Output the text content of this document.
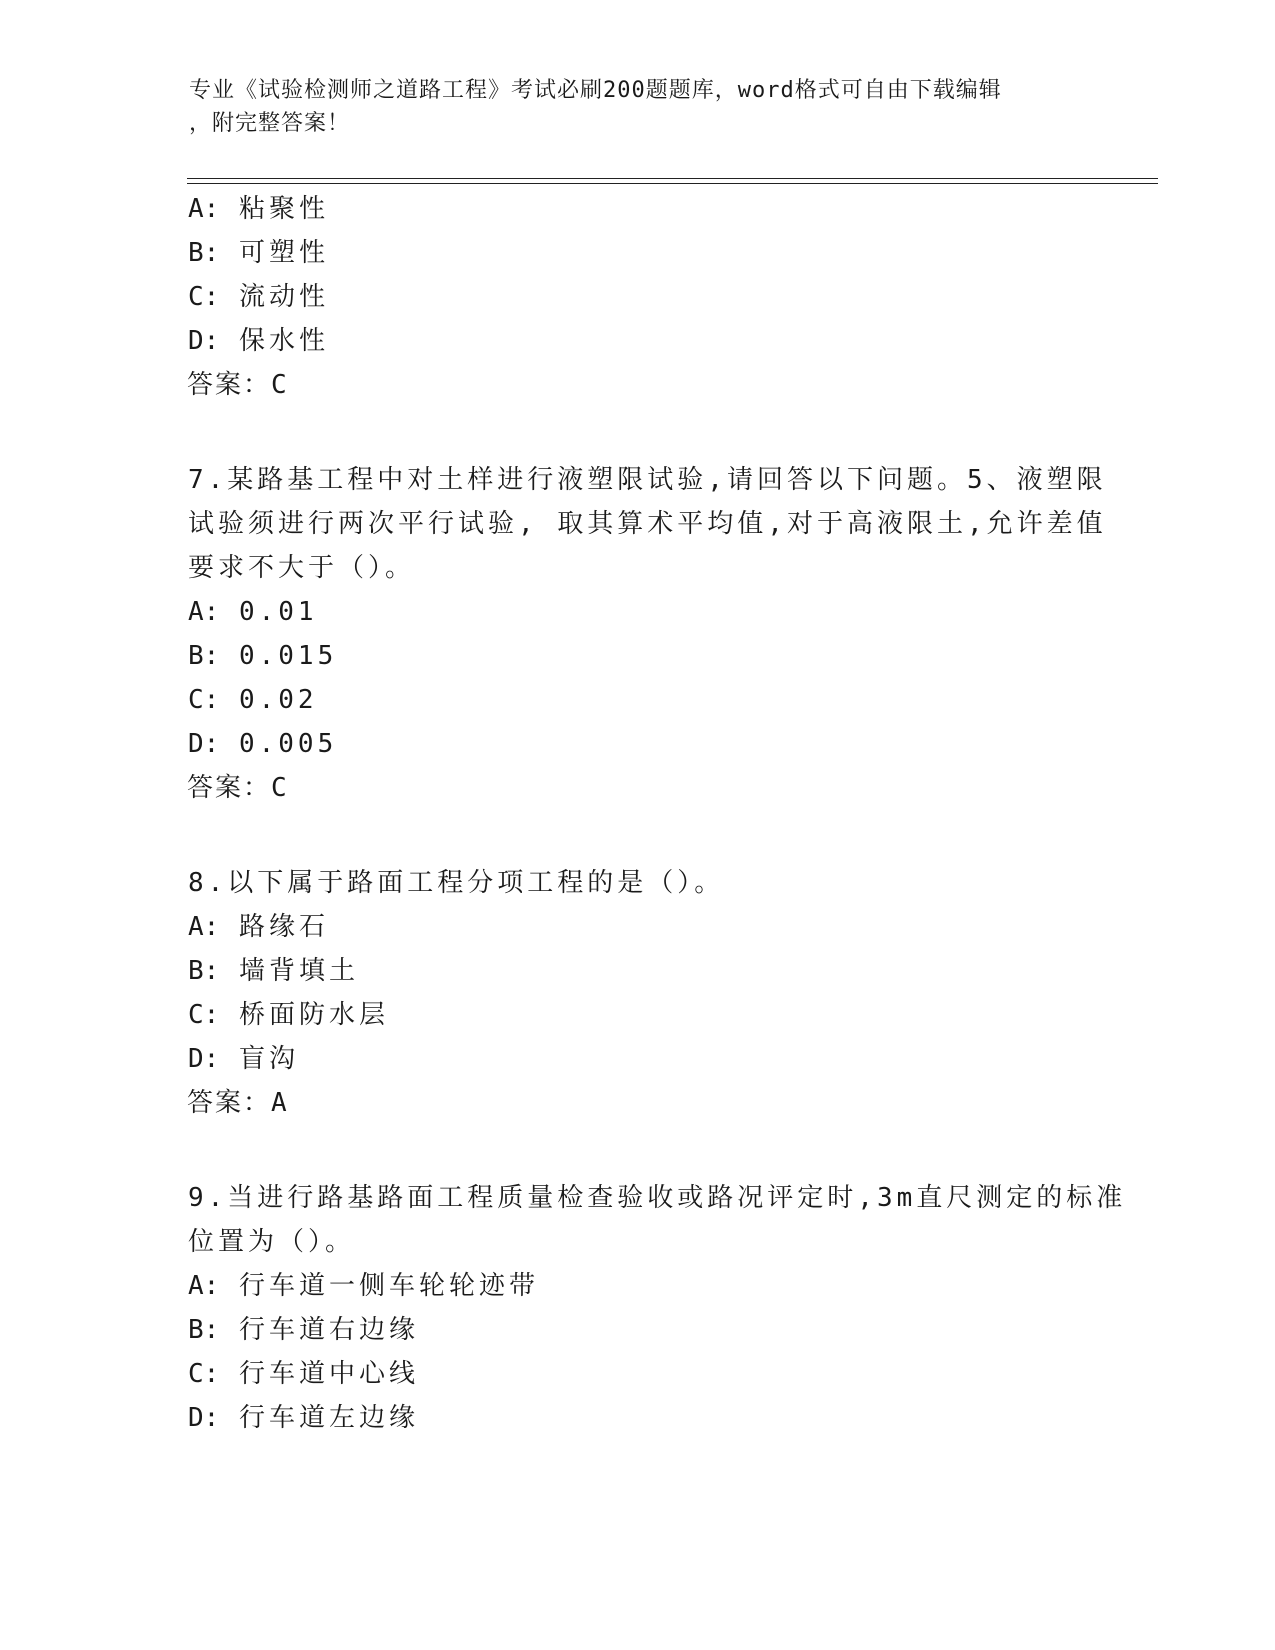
专业《试验检测师之道路工程》考试必刷200题题库，word格式可自由下载编辑
，附完整答案！
A: 粘聚性
B: 可塑性
C: 流动性
D: 保水性
答案：C
7.某路基工程中对土样进行液塑限试验,请回答以下问题。5、液塑限
试验须进行两次平行试验, 取其算术平均值,对于高液限土,允许差值
要求不大于（）。
A: 0.01
B: 0.015
C: 0.02
D: 0.005
答案：C
8.以下属于路面工程分项工程的是（）。
A: 路缘石
B: 墙背填土
C: 桥面防水层
D: 盲沟
答案：A
9.当进行路基路面工程质量检查验收或路况评定时,3m直尺测定的标准
位置为（）。
A: 行车道一侧车轮轮迹带
B: 行车道右边缘
C: 行车道中心线
D: 行车道左边缘
